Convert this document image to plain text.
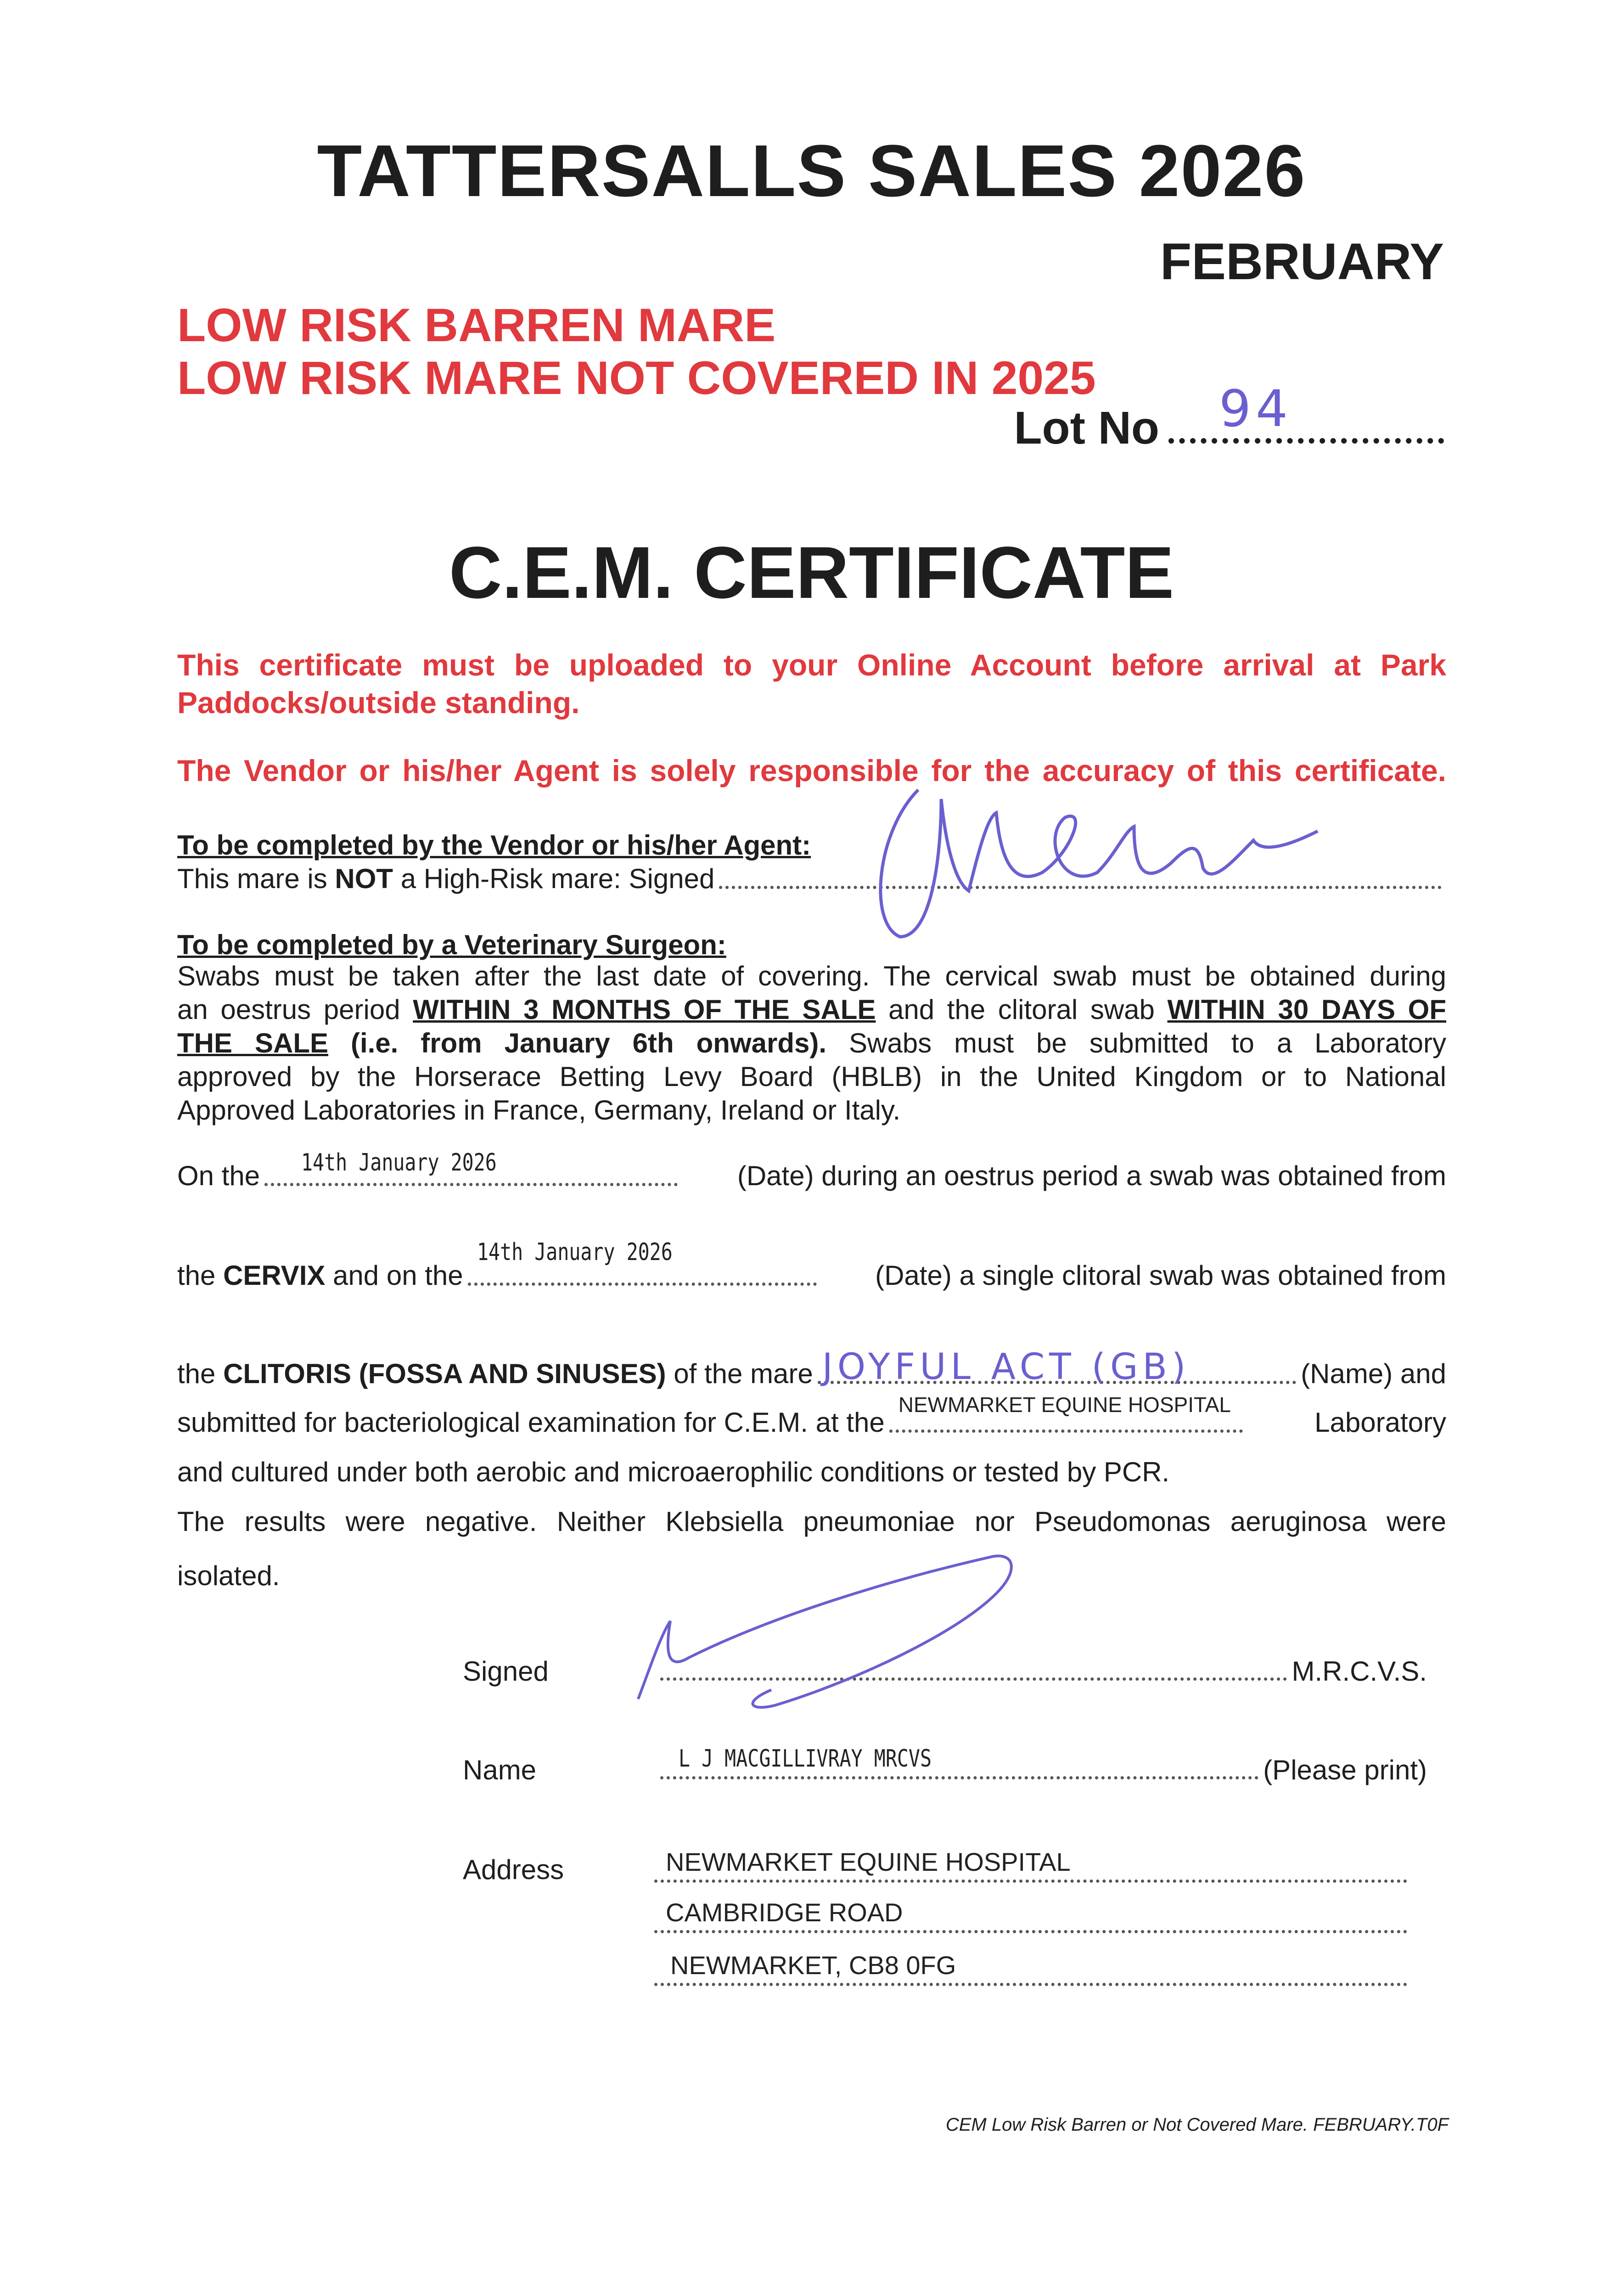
TATTERSALLS SALES 2026
FEBRUARY
LOW RISK BARREN MARE
LOW RISK MARE NOT COVERED IN 2025
Lot No 94
C.E.M. CERTIFICATE
This certificate must be uploaded to your Online Account before arrival at Park
Paddocks/outside standing.
The Vendor or his/her Agent is solely responsible for the accuracy of this certificate.
To be completed by the Vendor or his/her Agent:
This mare is NOT a High-Risk mare: Signed
To be completed by a Veterinary Surgeon:
Swabs must be taken after the last date of covering. The cervical swab must be obtained during
an oestrus period WITHIN 3 MONTHS OF THE SALE and the clitoral swab WITHIN 30 DAYS OF
THE SALE (i.e. from January 6th onwards). Swabs must be submitted to a Laboratory
approved by the Horserace Betting Levy Board (HBLB) in the United Kingdom or to National
Approved Laboratories in France, Germany, Ireland or Italy.
On the 14th January 2026	(Date) during an oestrus period a swab was obtained from
the CERVIX and on the
14th January 2026
(Date) a single clitoral swab was obtained from
the CLITORIS (FOSSA AND SINUSES) of the mare JOYFUL ACT (GB)	(Name) and
submitted for bacteriological examination for C.E.M. at the
NEWMARKET EQUINE HOSPITAL
Laboratory
and cultured under both aerobic and microaerophilic conditions or tested by PCR.
The results were negative. Neither Klebsiella pneumoniae nor Pseudomonas aeruginosa were
isolated.
Signed	M.R.C.V.S.
Name	L J MACGILLIVRAY MRCVS	(Please print)
Address	NEWMARKET EQUINE HOSPITAL
CAMBRIDGE ROAD
NEWMARKET, CB8 0FG
CEM Low Risk Barren or Not Covered Mare. FEBRUARY.T0F
